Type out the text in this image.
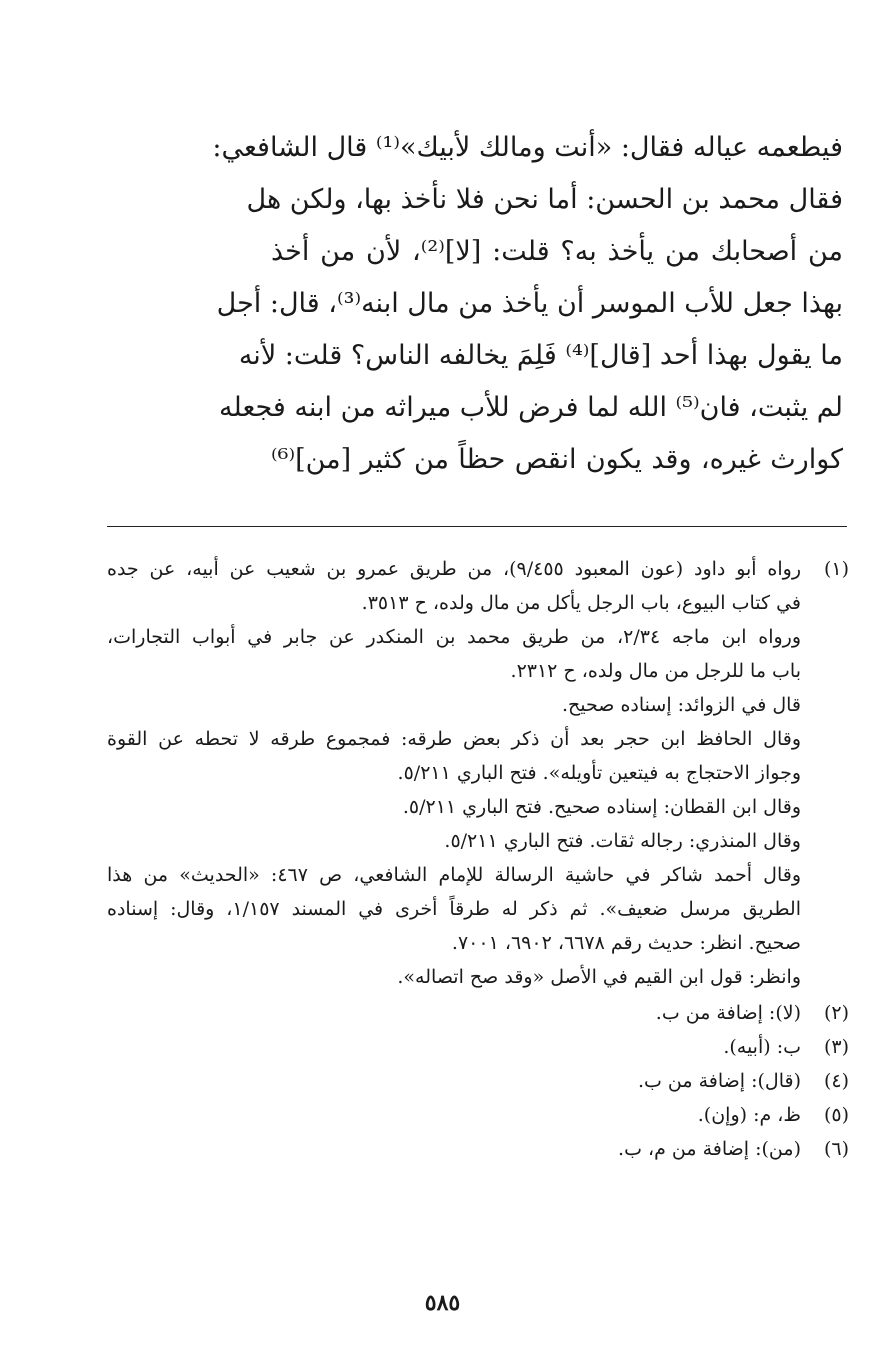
فيطعمه عياله فقال: «أنت ومالك لأبيك»⁽¹⁾ قال الشافعي:
فقال محمد بن الحسن: أما نحن فلا نأخذ بها، ولكن هل
من أصحابك من يأخذ به؟ قلت: [لا]⁽²⁾، لأن من أخذ
بهذا جعل للأب الموسر أن يأخذ من مال ابنه⁽³⁾، قال: أجل
ما يقول بهذا أحد [قال]⁽⁴⁾ فَلِمَ يخالفه الناس؟ قلت: لأنه
لم يثبت، فان⁽⁵⁾ الله لما فرض للأب ميراثه من ابنه فجعله
كوارث غيره، وقد يكون انقص حظاً من كثير [من]⁽⁶⁾
(١)
رواه أبو داود (عون المعبود ٩/٤٥٥)، من طريق عمرو بن شعيب عن أبيه، عن جده
في كتاب البيوع، باب الرجل يأكل من مال ولده، ح ٣٥١٣.
ورواه ابن ماجه ٢/٣٤، من طريق محمد بن المنكدر عن جابر في أبواب التجارات،
باب ما للرجل من مال ولده، ح ٢٣١٢.
قال في الزوائد: إسناده صحيح.
وقال الحافظ ابن حجر بعد أن ذكر بعض طرقه: فمجموع طرقه لا تحطه عن القوة
وجواز الاحتجاج به فيتعين تأويله». فتح الباري ٥/٢١١.
وقال ابن القطان: إسناده صحيح. فتح الباري ٥/٢١١.
وقال المنذري: رجاله ثقات. فتح الباري ٥/٢١١.
وقال أحمد شاكر في حاشية الرسالة للإمام الشافعي، ص ٤٦٧: «الحديث» من هذا
الطريق مرسل ضعيف». ثم ذكر له طرقاً أخرى في المسند ١/١٥٧، وقال: إسناده
صحيح. انظر: حديث رقم ٦٦٧٨، ٦٩٠٢، ٧٠٠١.
وانظر: قول ابن القيم في الأصل «وقد صح اتصاله».
(٢)
(لا): إضافة من ب.
(٣)
ب: (أبيه).
(٤)
(قال): إضافة من ب.
(٥)
ظ، م: (وإن).
(٦)
(من): إضافة من م، ب.
٥٨٥
